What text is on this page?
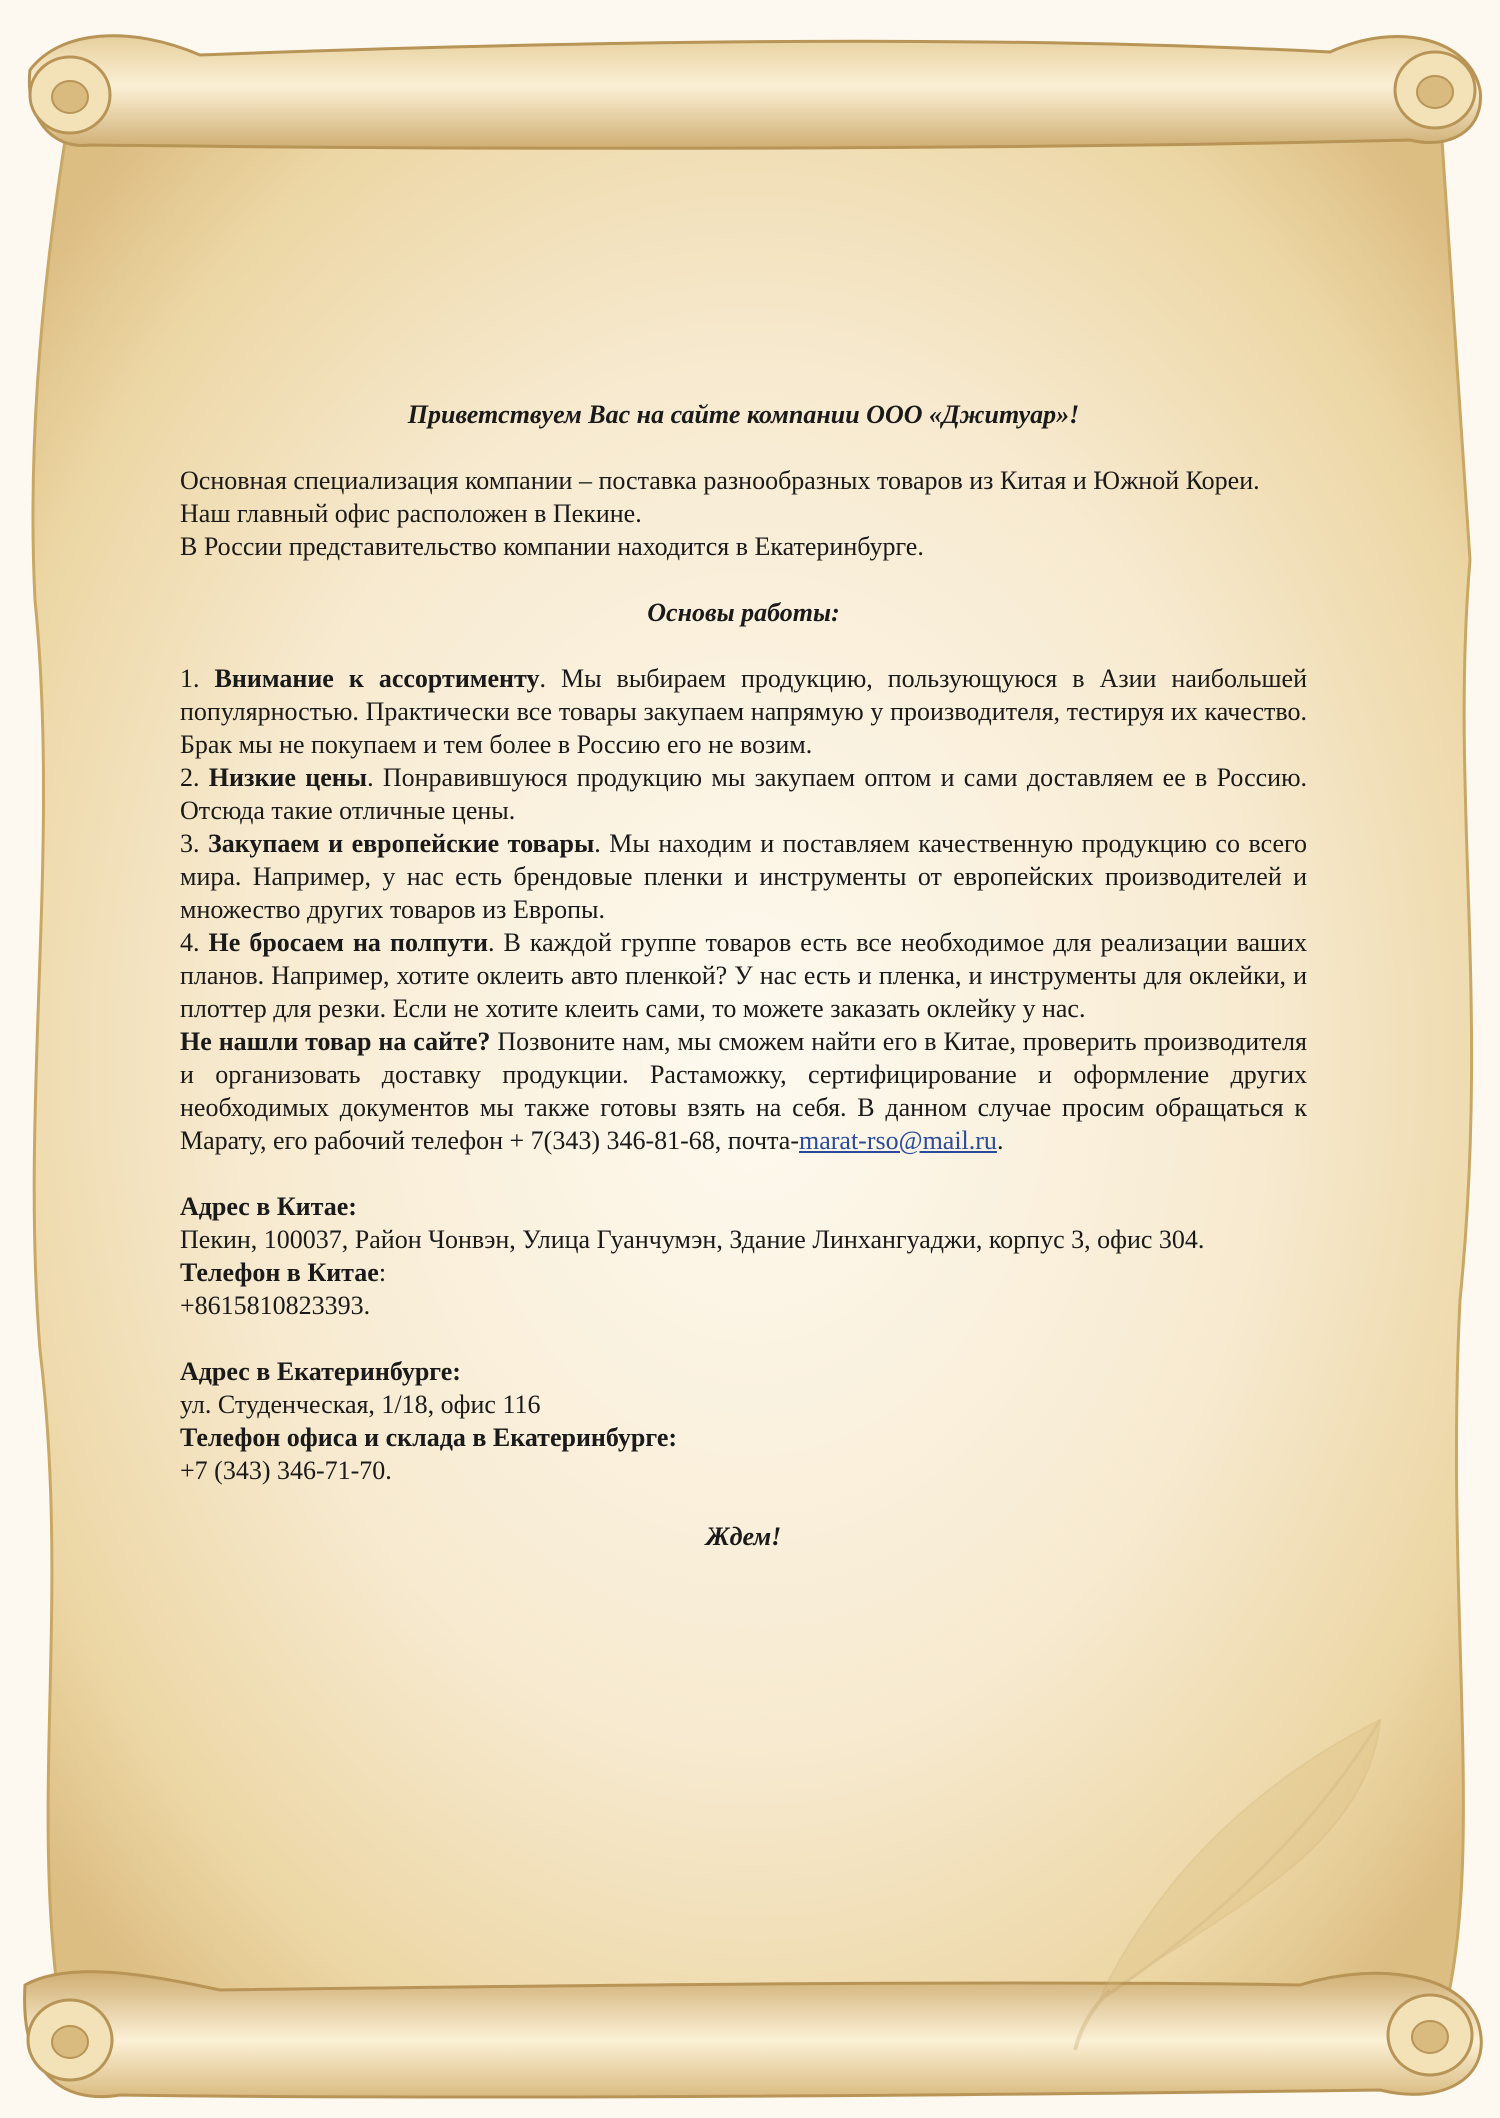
Приветствуем Вас на сайте компании ООО «Джитуар»!

Основная специализация компании – поставка разнообразных товаров из Китая и Южной Кореи.

Наш главный офис расположен в Пекине.

В России представительство компании находится в Екатеринбурге.

Основы работы:

1. Внимание к ассортименту. Мы выбираем продукцию, пользующуюся в Азии наибольшей популярностью. Практически все товары закупаем напрямую у производителя, тестируя их качество. Брак мы не покупаем и тем более в Россию его не возим.

2. Низкие цены. Понравившуюся продукцию мы закупаем оптом и сами доставляем ее в Россию. Отсюда такие отличные цены.

3. Закупаем и европейские товары. Мы находим и поставляем качественную продукцию со всего мира. Например, у нас есть брендовые пленки и инструменты от европейских производителей и множество других товаров из Европы.

4. Не бросаем на полпути. В каждой группе товаров есть все необходимое для реализации ваших планов. Например, хотите оклеить авто пленкой? У нас есть и пленка, и инструменты для оклейки, и плоттер для резки. Если не хотите клеить сами, то можете заказать оклейку у нас.

Не нашли товар на сайте? Позвоните нам, мы сможем найти его в Китае, проверить производителя и организовать доставку продукции. Растаможку, сертифицирование и оформление других необходимых документов мы также готовы взять на себя. В данном случае просим обращаться к Марату, его рабочий телефон + 7(343) 346-81-68, почта-marat-rso@mail.ru.

Адрес в Китае:

Пекин, 100037, Район Чонвэн, Улица Гуанчумэн, Здание Линхангуаджи, корпус 3, офис 304.

Телефон в Китае:

+8615810823393.

Адрес в Екатеринбурге:

ул. Студенческая, 1/18, офис 116

Телефон офиса и склада в Екатеринбурге:

+7 (343) 346-71-70.

Ждем!
